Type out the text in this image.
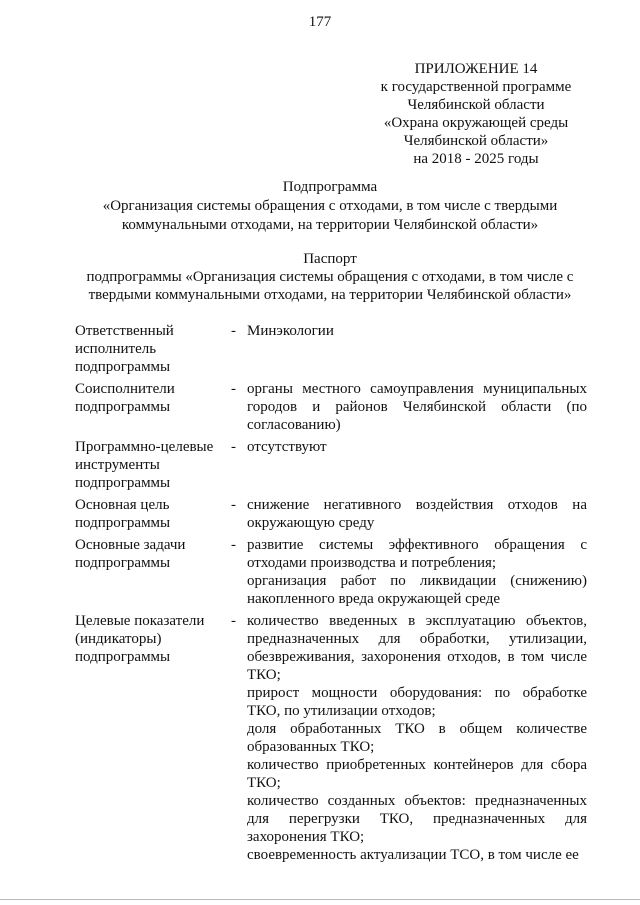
177
ПРИЛОЖЕНИЕ 14
к государственной программе
Челябинской области
«Охрана окружающей среды
Челябинской области»
на 2018 - 2025 годы
Подпрограмма
«Организация системы обращения с отходами, в том числе с твердыми
коммунальными отходами, на территории Челябинской области»
Паспорт
подпрограммы «Организация системы обращения с отходами, в том числе с
твердыми коммунальными отходами, на территории Челябинской области»
Ответственный
исполнитель
подпрограммы
- Минэкологии

Соисполнители
подпрограммы
- органы местного самоуправления муниципальных городов и районов Челябинской области (по согласованию)

Программно-целевые
инструменты
подпрограммы
- отсутствуют

Основная цель
подпрограммы
- снижение негативного воздействия отходов на окружающую среду

Основные задачи
подпрограммы
- развитие системы эффективного обращения с отходами производства и потребления;

организация работ по ликвидации (снижению) накопленного вреда окружающей среде

Целевые показатели
(индикаторы)
подпрограммы
- количество введенных в эксплуатацию объектов, предназначенных для обработки, утилизации, обезвреживания, захоронения отходов, в том числе ТКО;

прирост мощности оборудования: по обработке ТКО, по утилизации отходов;

доля обработанных ТКО в общем количестве образованных ТКО;

количество приобретенных контейнеров для сбора ТКО;

количество созданных объектов: предназначенных для перегрузки ТКО, предназначенных для захоронения ТКО;

своевременность актуализации ТСО, в том числе ее
